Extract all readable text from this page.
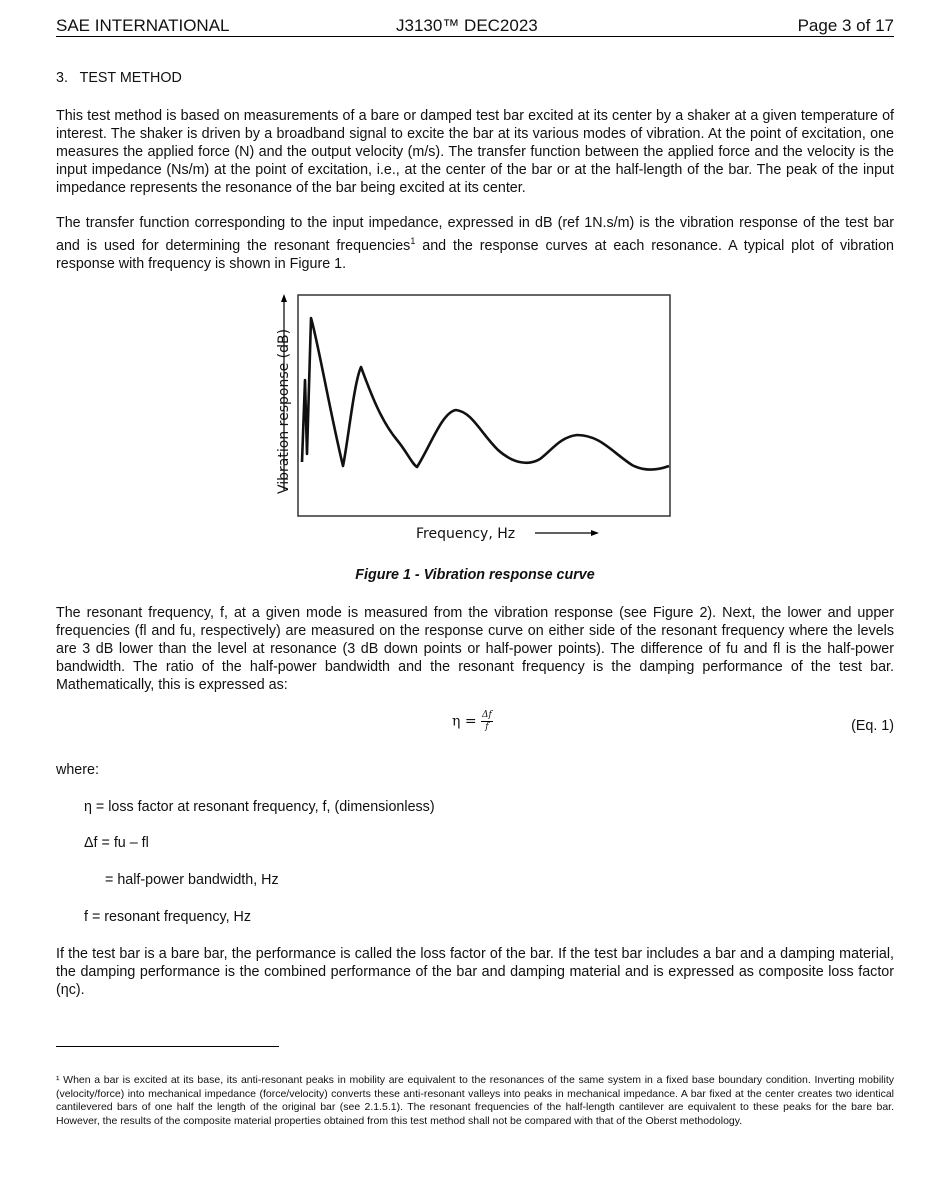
SAE INTERNATIONAL	J3130™ DEC2023	Page 3 of 17
3. TEST METHOD
This test method is based on measurements of a bare or damped test bar excited at its center by a shaker at a given temperature of interest. The shaker is driven by a broadband signal to excite the bar at its various modes of vibration. At the point of excitation, one measures the applied force (N) and the output velocity (m/s). The transfer function between the applied force and the velocity is the input impedance (Ns/m) at the point of excitation, i.e., at the center of the bar or at the half-length of the bar. The peak of the input impedance represents the resonance of the bar being excited at its center.
The transfer function corresponding to the input impedance, expressed in dB (ref 1N.s/m) is the vibration response of the test bar and is used for determining the resonant frequencies$^1$ and the response curves at each resonance. A typical plot of vibration response with frequency is shown in Figure 1.
Vibration response (dB)
Frequency, Hz
Figure 1 - Vibration response curve
The resonant frequency, f, at a given mode is measured from the vibration response (see Figure 2). Next, the lower and upper frequencies (fl and fu, respectively) are measured on the response curve on either side of the resonant frequency where the levels are 3 dB lower than the level at resonance (3 dB down points or half-power points). The difference of fu and fl is the half-power bandwidth. The ratio of the half-power bandwidth and the resonant frequency is the damping performance of the test bar. Mathematically, this is expressed as:
$\eta = \frac{\Delta f}{f}$	(Eq. 1)
where:
η = loss factor at resonant frequency, f, (dimensionless)
Δf = fu – fl
= half-power bandwidth, Hz
f = resonant frequency, Hz
If the test bar is a bare bar, the performance is called the loss factor of the bar. If the test bar includes a bar and a damping material, the damping performance is the combined performance of the bar and damping material and is expressed as composite loss factor (ηc).
¹ When a bar is excited at its base, its anti-resonant peaks in mobility are equivalent to the resonances of the same system in a fixed base boundary condition. Inverting mobility (velocity/force) into mechanical impedance (force/velocity) converts these anti-resonant valleys into peaks in mechanical impedance. A bar fixed at the center creates two identical cantilevered bars of one half the length of the original bar (see 2.1.5.1). The resonant frequencies of the half-length cantilever are equivalent to these peaks for the bare bar. However, the results of the composite material properties obtained from this test method shall not be compared with that of the Oberst methodology.
